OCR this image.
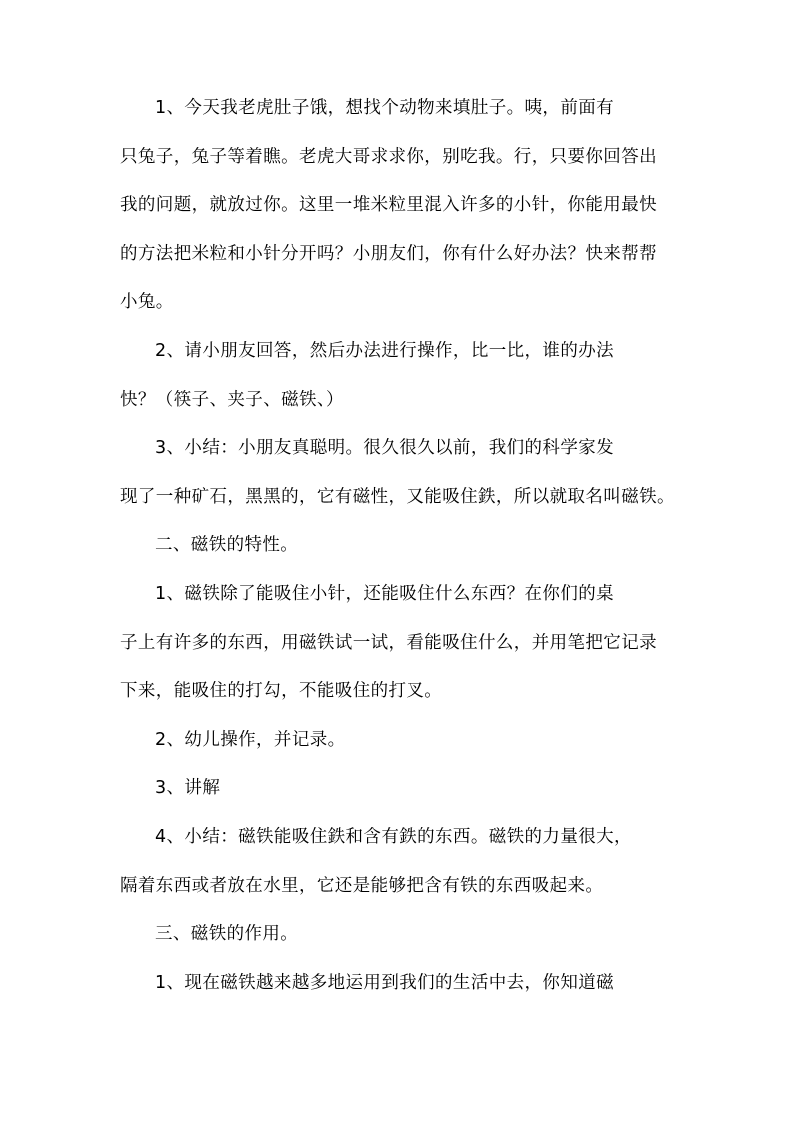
1、今天我老虎肚子饿，想找个动物来填肚子。咦，前面有
只兔子，兔子等着瞧。老虎大哥求求你，别吃我。行，只要你回答出
我的问题，就放过你。这里一堆米粒里混入许多的小针，你能用最快
的方法把米粒和小针分开吗？小朋友们，你有什么好办法？快来帮帮
小兔。

2、请小朋友回答，然后办法进行操作，比一比，谁的办法
快？（筷子、夹子、磁铁、）

3、小结：小朋友真聪明。很久很久以前，我们的科学家发
现了一种矿石，黑黑的，它有磁性，又能吸住鉄，所以就取名叫磁铁。

二、磁铁的特性。

1、磁铁除了能吸住小针，还能吸住什么东西？在你们的桌
子上有许多的东西，用磁铁试一试，看能吸住什么，并用笔把它记录
下来，能吸住的打勾，不能吸住的打叉。

2、幼儿操作，并记录。

3、讲解

4、小结：磁铁能吸住鉄和含有鉄的东西。磁铁的力量很大，
隔着东西或者放在水里，它还是能够把含有铁的东西吸起来。

三、磁铁的作用。

1、现在磁铁越来越多地运用到我们的生活中去，你知道磁
